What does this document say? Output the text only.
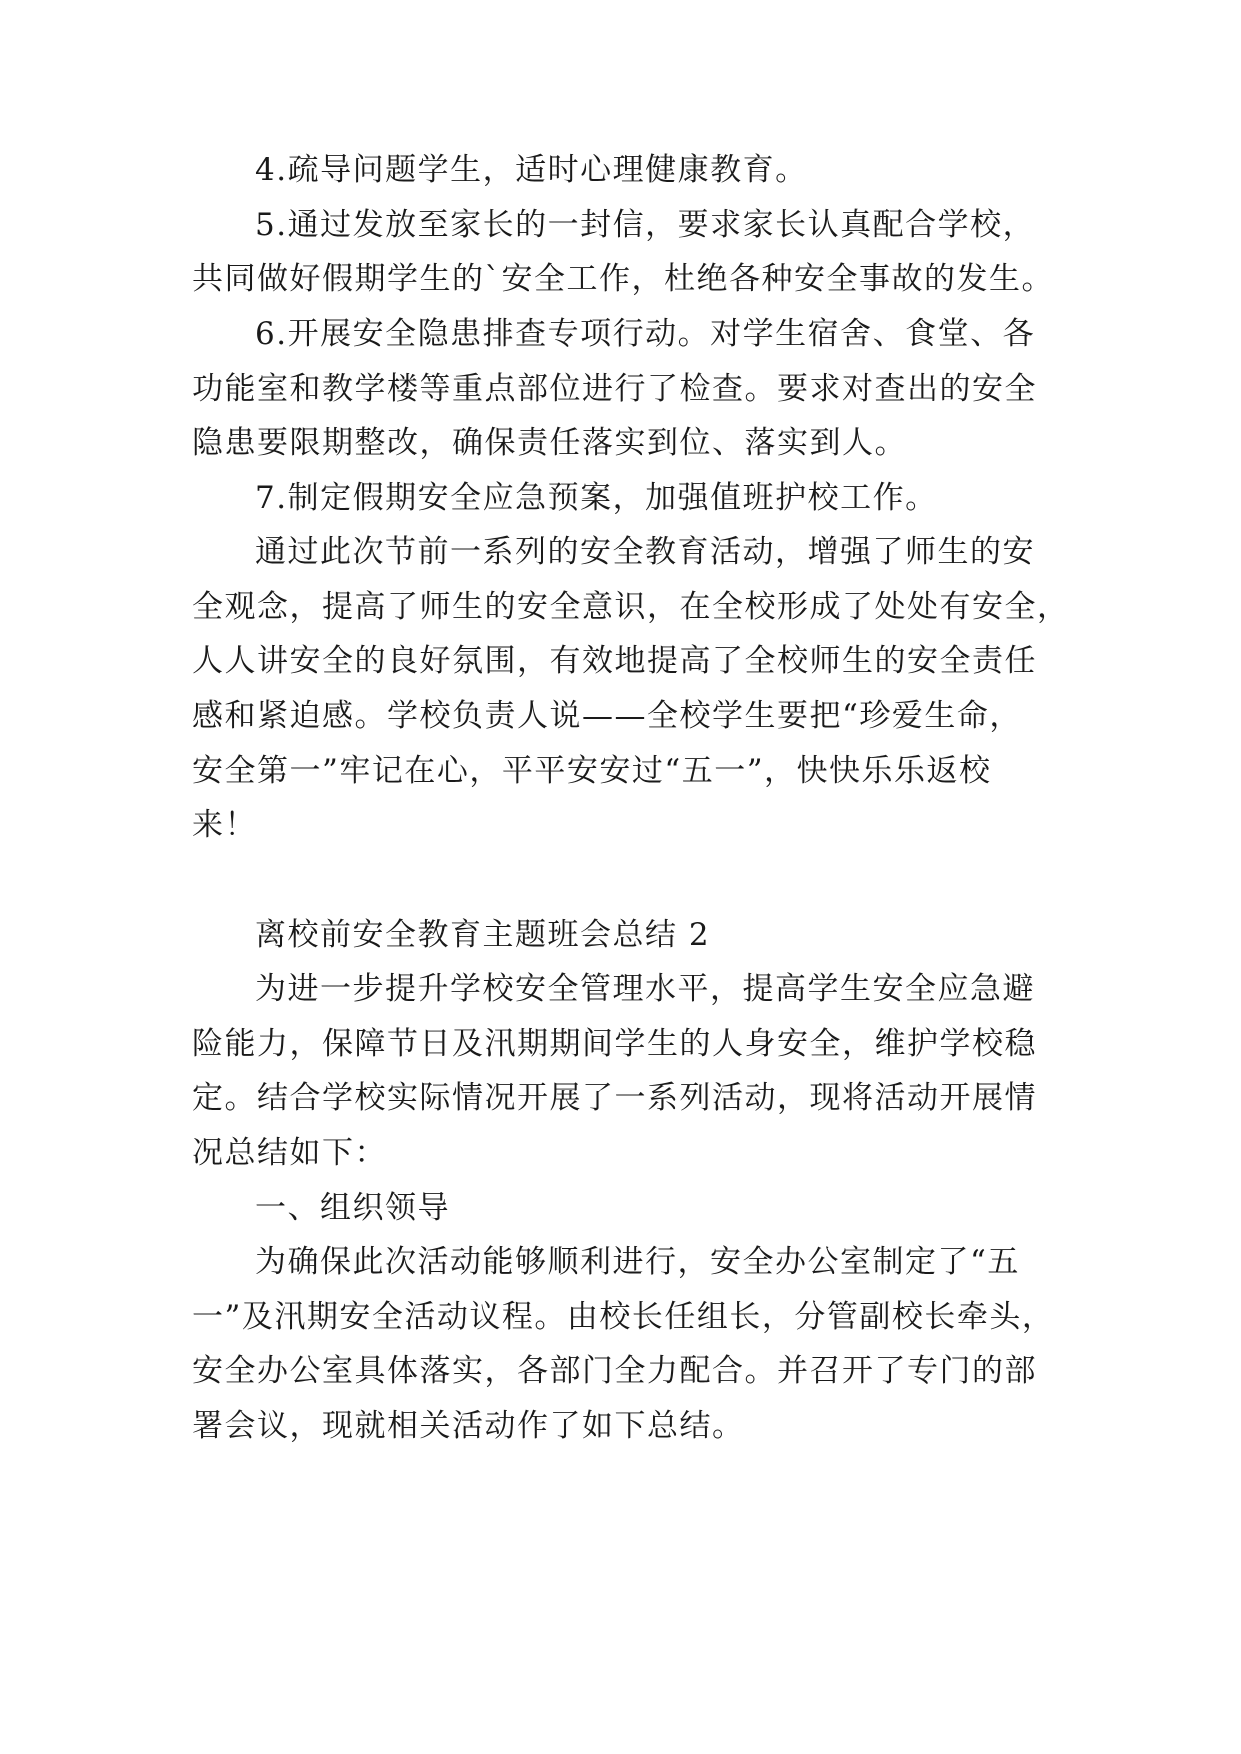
4.疏导问题学生，适时心理健康教育。
5.通过发放至家长的一封信，要求家长认真配合学校，
共同做好假期学生的`安全工作，杜绝各种安全事故的发生。
6.开展安全隐患排查专项行动。对学生宿舍、食堂、各
功能室和教学楼等重点部位进行了检查。要求对查出的安全
隐患要限期整改，确保责任落实到位、落实到人。
7.制定假期安全应急预案，加强值班护校工作。
通过此次节前一系列的安全教育活动，增强了师生的安
全观念，提高了师生的安全意识，在全校形成了处处有安全，
人人讲安全的良好氛围，有效地提高了全校师生的安全责任
感和紧迫感。学校负责人说——全校学生要把“珍爱生命，
安全第一”牢记在心，平平安安过“五一”，快快乐乐返校
来！
离校前安全教育主题班会总结 2
为进一步提升学校安全管理水平，提高学生安全应急避
险能力，保障节日及汛期期间学生的人身安全，维护学校稳
定。结合学校实际情况开展了一系列活动，现将活动开展情
况总结如下：
一、组织领导
为确保此次活动能够顺利进行，安全办公室制定了“五
一”及汛期安全活动议程。由校长任组长，分管副校长牵头，
安全办公室具体落实，各部门全力配合。并召开了专门的部
署会议，现就相关活动作了如下总结。
